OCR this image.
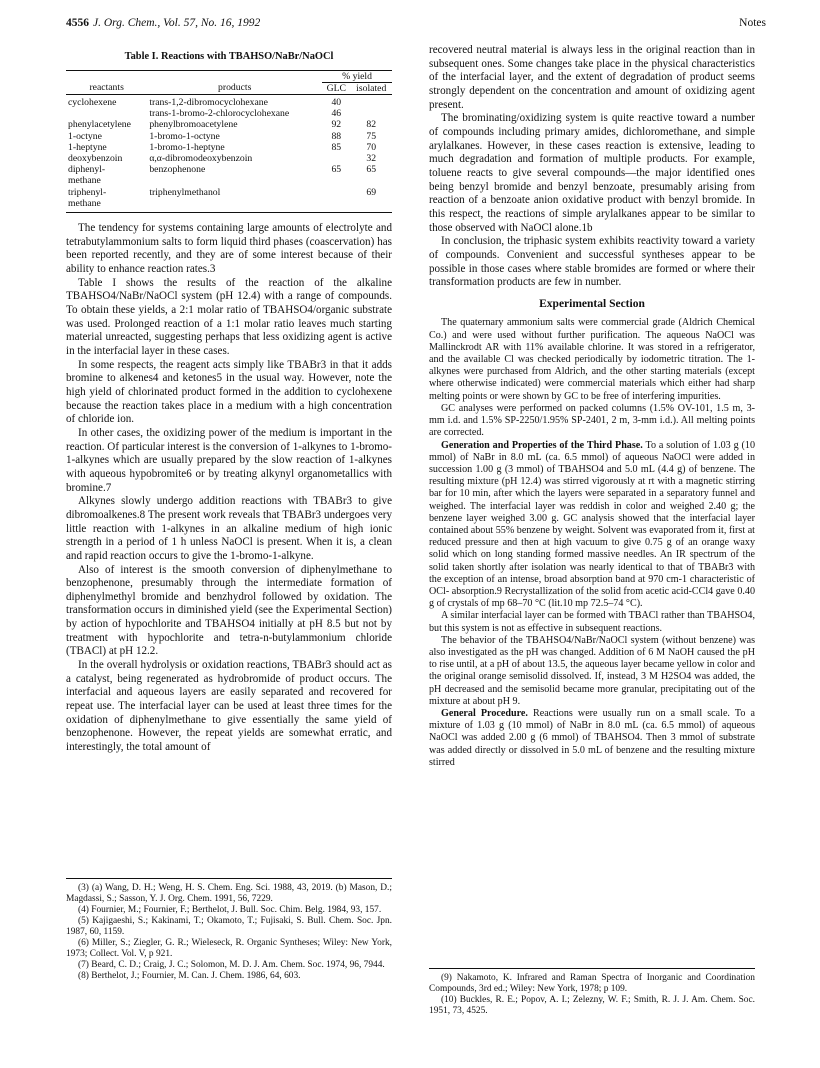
4556 J. Org. Chem., Vol. 57, No. 16, 1992	Notes
Table I. Reactions with TBAHSO/NaBr/NaOCl
		% yield	
reactants	products	GLC	isolated
cyclohexene	trans-1,2-dibromocyclohexane	40	
	trans-1-bromo-2-chlorocyclohexane	46	
phenylacetylene	phenylbromoacetylene	92	82
1-octyne	1-bromo-1-octyne	88	75
1-heptyne	1-bromo-1-heptyne	85	70
deoxybenzoin	α,α-dibromodeoxybenzoin		32
diphenyl-	benzophenone	65	65
methane			
triphenyl-	triphenylmethanol		69
methane			

The tendency for systems containing large amounts of electrolyte and tetrabutylammonium salts to form liquid third phases (coascervation) has been reported recently, and they are of some interest because of their ability to enhance reaction rates.3

Table I shows the results of the reaction of the alkaline TBAHSO4/NaBr/NaOCl system (pH 12.4) with a range of compounds. To obtain these yields, a 2:1 molar ratio of TBAHSO4/organic substrate was used. Prolonged reaction of a 1:1 molar ratio leaves much starting material unreacted, suggesting perhaps that less oxidizing agent is active in the interfacial layer in these cases.

In some respects, the reagent acts simply like TBABr3 in that it adds bromine to alkenes4 and ketones5 in the usual way. However, note the high yield of chlorinated product formed in the addition to cyclohexene because the reaction takes place in a medium with a high concentration of chloride ion.

In other cases, the oxidizing power of the medium is important in the reaction. Of particular interest is the conversion of 1-alkynes to 1-bromo-1-alkynes which are usually prepared by the slow reaction of 1-alkynes with aqueous hypobromite6 or by treating alkynyl organometallics with bromine.7

Alkynes slowly undergo addition reactions with TBABr3 to give dibromoalkenes.8 The present work reveals that TBABr3 undergoes very little reaction with 1-alkynes in an alkaline medium of high ionic strength in a period of 1 h unless NaOCl is present. When it is, a clean and rapid reaction occurs to give the 1-bromo-1-alkyne.

Also of interest is the smooth conversion of diphenylmethane to benzophenone, presumably through the intermediate formation of diphenylmethyl bromide and benzhydrol followed by oxidation. The transformation occurs in diminished yield (see the Experimental Section) by action of hypochlorite and TBAHSO4 initially at pH 8.5 but not by treatment with hypochlorite and tetra-n-butylammonium chloride (TBACl) at pH 12.2.

In the overall hydrolysis or oxidation reactions, TBABr3 should act as a catalyst, being regenerated as hydrobromide of product occurs. The interfacial and aqueous layers are easily separated and recovered for repeat use. The interfacial layer can be used at least three times for the oxidation of diphenylmethane to give essentially the same yield of benzophenone. However, the repeat yields are somewhat erratic, and interestingly, the total amount of

recovered neutral material is always less in the original reaction than in subsequent ones. Some changes take place in the physical characteristics of the interfacial layer, and the extent of degradation of product seems strongly dependent on the concentration and amount of oxidizing agent present.

The brominating/oxidizing system is quite reactive toward a number of compounds including primary amides, dichloromethane, and simple arylalkanes. However, in these cases reaction is extensive, leading to much degradation and formation of multiple products. For example, toluene reacts to give several compounds—the major identified ones being benzyl bromide and benzyl benzoate, presumably arising from reaction of a benzoate anion oxidative product with benzyl bromide. In this respect, the reactions of simple arylalkanes appear to be similar to those observed with NaOCl alone.1b

In conclusion, the triphasic system exhibits reactivity toward a variety of compounds. Convenient and successful syntheses appear to be possible in those cases where stable bromides are formed or where their transformation products are few in number.

Experimental Section

The quaternary ammonium salts were commercial grade (Aldrich Chemical Co.) and were used without further purification. The aqueous NaOCl was Mallinckrodt AR with 11% available chlorine. It was stored in a refrigerator, and the available Cl was checked periodically by iodometric titration. The 1-alkynes were purchased from Aldrich, and the other starting materials (except where otherwise indicated) were commercial materials which either had sharp melting points or were shown by GC to be free of interfering impurities.

GC analyses were performed on packed columns (1.5% OV-101, 1.5 m, 3-mm i.d. and 1.5% SP-2250/1.95% SP-2401, 2 m, 3-mm i.d.). All melting points are corrected.

Generation and Properties of the Third Phase. To a solution of 1.03 g (10 mmol) of NaBr in 8.0 mL (ca. 6.5 mmol) of aqueous NaOCl were added in succession 1.00 g (3 mmol) of TBAHSO4 and 5.0 mL (4.4 g) of benzene. The resulting mixture (pH 12.4) was stirred vigorously at rt with a magnetic stirring bar for 10 min, after which the layers were separated in a separatory funnel and weighed. The interfacial layer was reddish in color and weighed 2.40 g; the benzene layer weighed 3.00 g. GC analysis showed that the interfacial layer contained about 55% benzene by weight. Solvent was evaporated from it, first at reduced pressure and then at high vacuum to give 0.75 g of an orange waxy solid which on long standing formed massive needles. An IR spectrum of the solid taken shortly after isolation was nearly identical to that of TBABr3 with the exception of an intense, broad absorption band at 970 cm-1 characteristic of OCl- absorption.9 Recrystallization of the solid from acetic acid-CCl4 gave 0.40 g of crystals of mp 68–70 °C (lit.10 mp 72.5–74 °C).

A similar interfacial layer can be formed with TBACl rather than TBAHSO4, but this system is not as effective in subsequent reactions.

The behavior of the TBAHSO4/NaBr/NaOCl system (without benzene) was also investigated as the pH was changed. Addition of 6 M NaOH caused the pH to rise until, at a pH of about 13.5, the aqueous layer became yellow in color and the original orange semisolid dissolved. If, instead, 3 M H2SO4 was added, the pH decreased and the semisolid became more granular, precipitating out of the mixture at about pH 9.

General Procedure. Reactions were usually run on a small scale. To a mixture of 1.03 g (10 mmol) of NaBr in 8.0 mL (ca. 6.5 mmol) of aqueous NaOCl was added 2.00 g (6 mmol) of TBAHSO4. Then 3 mmol of substrate was added directly or dissolved in 5.0 mL of benzene and the resulting mixture stirred

(3) (a) Wang, D. H.; Weng, H. S. Chem. Eng. Sci. 1988, 43, 2019. (b) Mason, D.; Magdassi, S.; Sasson, Y. J. Org. Chem. 1991, 56, 7229.

(4) Fournier, M.; Fournier, F.; Berthelot, J. Bull. Soc. Chim. Belg. 1984, 93, 157.

(5) Kajigaeshi, S.; Kakinami, T.; Okamoto, T.; Fujisaki, S. Bull. Chem. Soc. Jpn. 1987, 60, 1159.

(6) Miller, S.; Ziegler, G. R.; Wieleseck, R. Organic Syntheses; Wiley: New York, 1973; Collect. Vol. V, p 921.

(7) Beard, C. D.; Craig, J. C.; Solomon, M. D. J. Am. Chem. Soc. 1974, 96, 7944.

(8) Berthelot, J.; Fournier, M. Can. J. Chem. 1986, 64, 603.	(9) Nakamoto, K. Infrared and Raman Spectra of Inorganic and Coordination Compounds, 3rd ed.; Wiley: New York, 1978; p 109.

(10) Buckles, R. E.; Popov, A. I.; Zelezny, W. F.; Smith, R. J. J. Am. Chem. Soc. 1951, 73, 4525.
